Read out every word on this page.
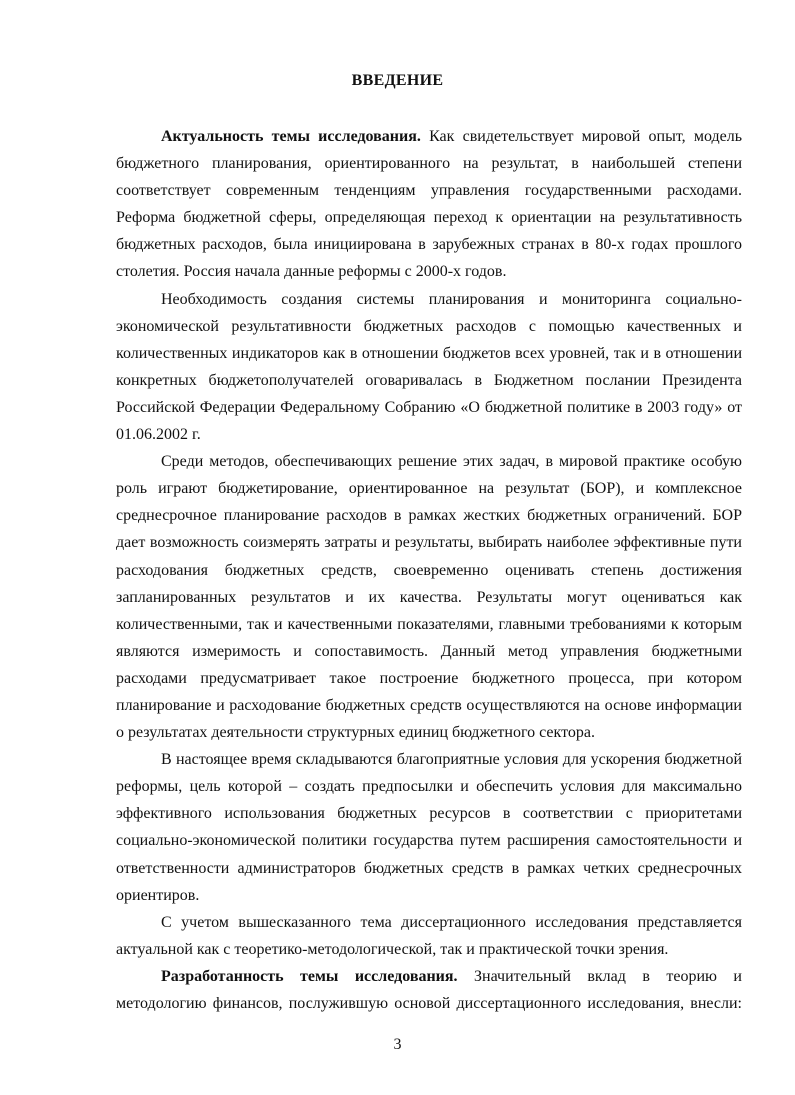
ВВЕДЕНИЕ

Актуальность темы исследования. Как свидетельствует мировой опыт, модель бюджетного планирования, ориентированного на результат, в наибольшей степени соответствует современным тенденциям управления государственными расходами. Реформа бюджетной сферы, определяющая переход к ориентации на результативность бюджетных расходов, была инициирована в зарубежных странах в 80-х годах прошлого столетия. Россия начала данные реформы с 2000-х годов.

Необходимость создания системы планирования и мониторинга социально-экономической результативности бюджетных расходов с помощью качественных и количественных индикаторов как в отношении бюджетов всех уровней, так и в отношении конкретных бюджетополучателей оговаривалась в Бюджетном послании Президента Российской Федерации Федеральному Собранию «О бюджетной политике в 2003 году» от 01.06.2002 г.

Среди методов, обеспечивающих решение этих задач, в мировой практике особую роль играют бюджетирование, ориентированное на результат (БОР), и комплексное среднесрочное планирование расходов в рамках жестких бюджетных ограничений. БОР дает возможность соизмерять затраты и результаты, выбирать наиболее эффективные пути расходования бюджетных средств, своевременно оценивать степень достижения запланированных результатов и их качества. Результаты могут оцениваться как количественными, так и качественными показателями, главными требованиями к которым являются измеримость и сопоставимость. Данный метод управления бюджетными расходами предусматривает такое построение бюджетного процесса, при котором планирование и расходование бюджетных средств осуществляются на основе информации о результатах деятельности структурных единиц бюджетного сектора.

В настоящее время складываются благоприятные условия для ускорения бюджетной реформы, цель которой – создать предпосылки и обеспечить условия для максимально эффективного использования бюджетных ресурсов в соответствии с приоритетами социально-экономической политики государства путем расширения самостоятельности и ответственности администраторов бюджетных средств в рамках четких среднесрочных ориентиров.

С учетом вышесказанного тема диссертационного исследования представляется актуальной как с теоретико-методологической, так и практической точки зрения.

Разработанность темы исследования. Значительный вклад в теорию и методологию финансов, послужившую основой диссертационного исследования, внесли:

3
